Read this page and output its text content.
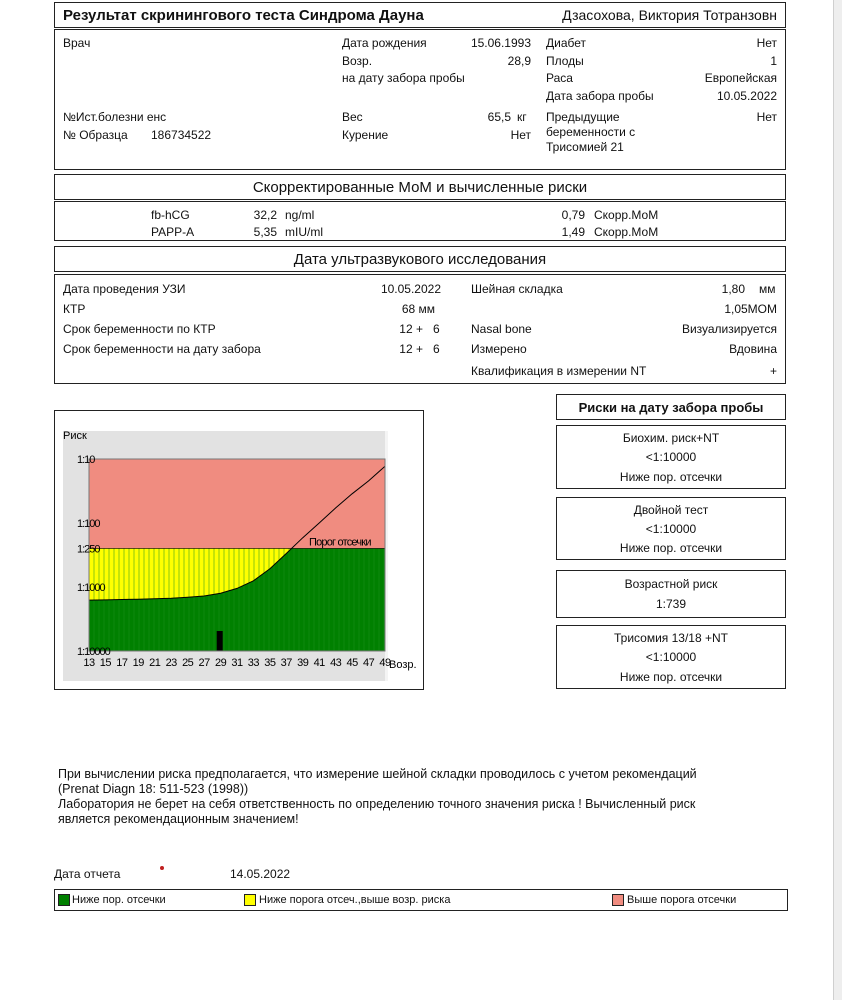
Результат скринингового теста Синдрома Дауна	Дзасохова, Виктория Тотранзовн
Врач
№Ист.болезни енс
№ Образца 186734522
Дата рождения	15.06.1993
Возр.	28,9
на дату забора пробы
Вес	65,5 кг
Курение	Нет
Диабет	Нет
Плоды	1
Раса	Европейская
Дата забора пробы	10.05.2022
Предыдущие
беременности с
Трисомией 21
Нет
Скорректированные МоМ и вычисленные риски
fb-hCG	32,2 ng/ml	0,79 Скорр.МоМ
PAPP-A	5,35 mIU/ml	1,49 Скорр.МоМ
Дата ультразвукового исследования
Дата проведения УЗИ	10.05.2022
КТР	68 мм
Срок беременности по КТР	12 + 6
Срок беременности на дату забора	12 + 6
Шейная складка	1,80 мм
1,05МОМ
Nasal bone	Визуализируется
Измерено	Вдовина
Квалификация в измерении NT	+
Риск
1:10
1:100
1:250
1:1000
1:10000
13 15 17 19 21 23 25 27 29 31 33 35 37 39 41 43 45 47 49
Порог отсечки
Возр.
Риски на дату забора пробы
Биохим. риск+NT
<1:10000
Ниже пор. отсечки
Двойной тест
<1:10000
Ниже пор. отсечки
Возрастной риск
1:739
Трисомия 13/18 +NT
<1:10000
Ниже пор. отсечки
При вычислении риска предполагается, что измерение шейной складки проводилось с учетом рекомендаций
(Prenat Diagn 18: 511-523 (1998))
Лаборатория не берет на себя ответственность по определению точного значения риска ! Вычисленный риск
является рекомендационным значением!
Дата отчета	14.05.2022
Ниже пор. отсечки	Ниже порога отсеч.,выше возр. риска	Выше порога отсечки
